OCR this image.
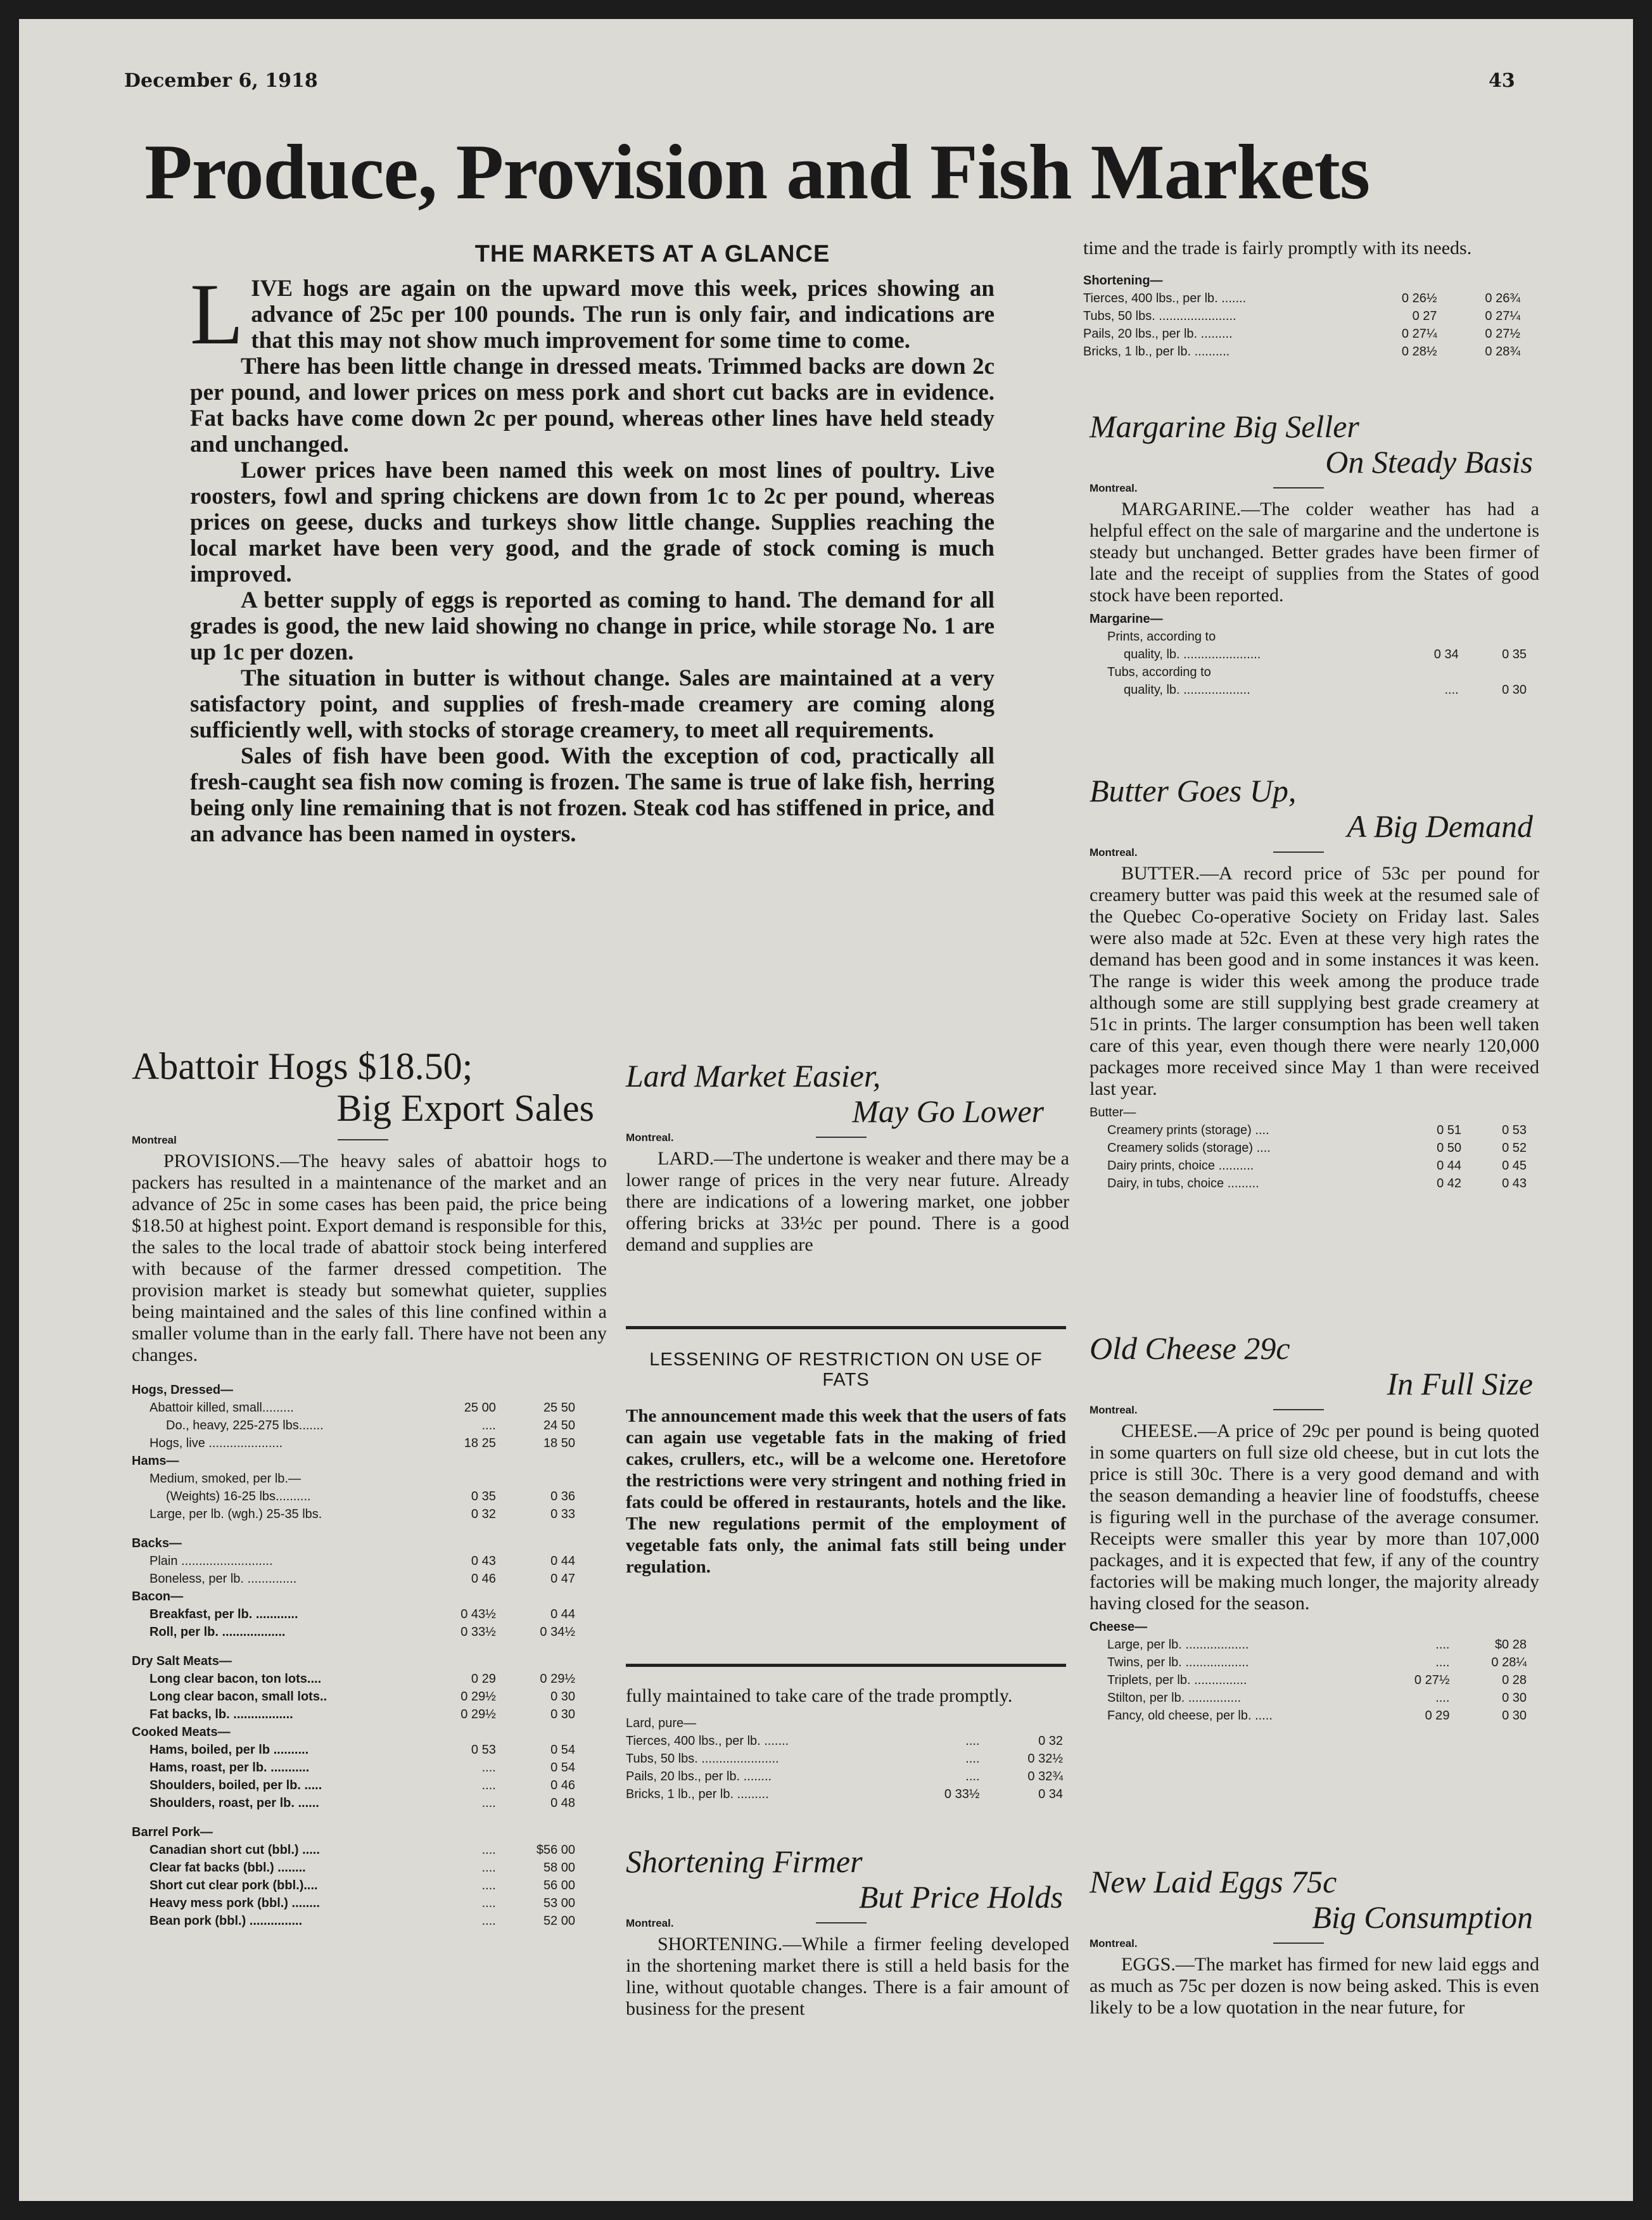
December 6, 1918	43
Produce, Provision and Fish Markets
THE MARKETS AT A GLANCE

LIVE hogs are again on the upward move this week, prices showing an advance of 25c per 100 pounds. The run is only fair, and indications are that this may not show much improvement for some time to come.

There has been little change in dressed meats. Trimmed backs are down 2c per pound, and lower prices on mess pork and short cut backs are in evidence. Fat backs have come down 2c per pound, whereas other lines have held steady and unchanged.

Lower prices have been named this week on most lines of poultry. Live roosters, fowl and spring chickens are down from 1c to 2c per pound, whereas prices on geese, ducks and turkeys show little change. Supplies reaching the local market have been very good, and the grade of stock coming is much improved.

A better supply of eggs is reported as coming to hand. The demand for all grades is good, the new laid showing no change in price, while storage No. 1 are up 1c per dozen.

The situation in butter is without change. Sales are maintained at a very satisfactory point, and supplies of fresh-made creamery are coming along sufficiently well, with stocks of storage creamery, to meet all requirements.

Sales of fish have been good. With the exception of cod, practically all fresh-caught sea fish now coming is frozen. The same is true of lake fish, herring being only line remaining that is not frozen. Steak cod has stiffened in price, and an advance has been named in oysters.

Abattoir Hogs $18.50;
Big Export Sales
Montreal

PROVISIONS.—The heavy sales of abattoir hogs to packers has resulted in a maintenance of the market and an advance of 25c in some cases has been paid, the price being $18.50 at highest point. Export demand is responsible for this, the sales to the local trade of abattoir stock being interfered with because of the farmer dressed competition. The provision market is steady but somewhat quieter, supplies being maintained and the sales of this line confined within a smaller volume than in the early fall. There have not been any changes.

Hogs, Dressed—		
Abattoir killed, small.........	25 00	25 50
Do., heavy, 225-275 lbs.......	....	24 50
Hogs, live .....................	18 25	18 50
Hams—		
Medium, smoked, per lb.—		
(Weights) 16-25 lbs..........	0 35	0 36
Large, per lb. (wgh.) 25-35 lbs.	0 32	0 33

Backs—		
Plain ..........................	0 43	0 44
Boneless, per lb. ..............	0 46	0 47
Bacon—		
Breakfast, per lb. ............	0 43½	0 44
Roll, per lb. ..................	0 33½	0 34½

Dry Salt Meats—		
Long clear bacon, ton lots....	0 29	0 29½
Long clear bacon, small lots..	0 29½	0 30
Fat backs, lb. .................	0 29½	0 30
Cooked Meats—		
Hams, boiled, per lb ..........	0 53	0 54
Hams, roast, per lb. ...........	....	0 54
Shoulders, boiled, per lb. .....	....	0 46
Shoulders, roast, per lb. ......	....	0 48

Barrel Pork—		
Canadian short cut (bbl.) .....	....	$56 00
Clear fat backs (bbl.) ........	....	58 00
Short cut clear pork (bbl.)....	....	56 00
Heavy mess pork (bbl.) ........	....	53 00
Bean pork (bbl.) ...............	....	52 00
Lard Market Easier,
May Go Lower
Montreal.

LARD.—The undertone is weaker and there may be a lower range of prices in the very near future. Already there are indications of a lowering market, one jobber offering bricks at 33½c per pound. There is a good demand and supplies are

LESSENING OF RESTRICTION ON USE OF FATS
The announcement made this week that the users of fats can again use vegetable fats in the making of fried cakes, crullers, etc., will be a welcome one. Heretofore the restrictions were very stringent and nothing fried in fats could be offered in restaurants, hotels and the like. The new regulations permit of the employment of vegetable fats only, the animal fats still being under regulation.

fully maintained to take care of the trade promptly.

Lard, pure—		
Tierces, 400 lbs., per lb. .......	....	0 32
Tubs, 50 lbs. ......................	....	0 32½
Pails, 20 lbs., per lb. ........	....	0 32¾
Bricks, 1 lb., per lb. .........	0 33½	0 34
Shortening Firmer
But Price Holds
Montreal.

SHORTENING.—While a firmer feeling developed in the shortening market there is still a held basis for the line, without quotable changes. There is a fair amount of business for the present

time and the trade is fairly promptly with its needs.

Shortening—		
Tierces, 400 lbs., per lb. .......	0 26½	0 26¾
Tubs, 50 lbs. ......................	0 27	0 27¼
Pails, 20 lbs., per lb. .........	0 27¼	0 27½
Bricks, 1 lb., per lb. ..........	0 28½	0 28¾
Margarine Big Seller
On Steady Basis
Montreal.

MARGARINE.—The colder weather has had a helpful effect on the sale of margarine and the undertone is steady but unchanged. Better grades have been firmer of late and the receipt of supplies from the States of good stock have been reported.

Margarine—		
Prints, according to		
quality, lb. ......................	0 34	0 35
Tubs, according to		
quality, lb. ...................	....	0 30
Butter Goes Up,
A Big Demand
Montreal.

BUTTER.—A record price of 53c per pound for creamery butter was paid this week at the resumed sale of the Quebec Co-operative Society on Friday last. Sales were also made at 52c. Even at these very high rates the demand has been good and in some instances it was keen. The range is wider this week among the produce trade although some are still supplying best grade creamery at 51c in prints. The larger consumption has been well taken care of this year, even though there were nearly 120,000 packages more received since May 1 than were received last year.

Butter—		
Creamery prints (storage) ....	0 51	0 53
Creamery solids (storage) ....	0 50	0 52
Dairy prints, choice ..........	0 44	0 45
Dairy, in tubs, choice .........	0 42	0 43
Old Cheese 29c
In Full Size
Montreal.

CHEESE.—A price of 29c per pound is being quoted in some quarters on full size old cheese, but in cut lots the price is still 30c. There is a very good demand and with the season demanding a heavier line of foodstuffs, cheese is figuring well in the purchase of the average consumer. Receipts were smaller this year by more than 107,000 packages, and it is expected that few, if any of the country factories will be making much longer, the majority already having closed for the season.

Cheese—		
Large, per lb. ..................	....	$0 28
Twins, per lb. ..................	....	0 28¼
Triplets, per lb. ...............	0 27½	0 28
Stilton, per lb. ...............	....	0 30
Fancy, old cheese, per lb. .....	0 29	0 30
New Laid Eggs 75c
Big Consumption
Montreal.

EGGS.—The market has firmed for new laid eggs and as much as 75c per dozen is now being asked. This is even likely to be a low quotation in the near future, for
